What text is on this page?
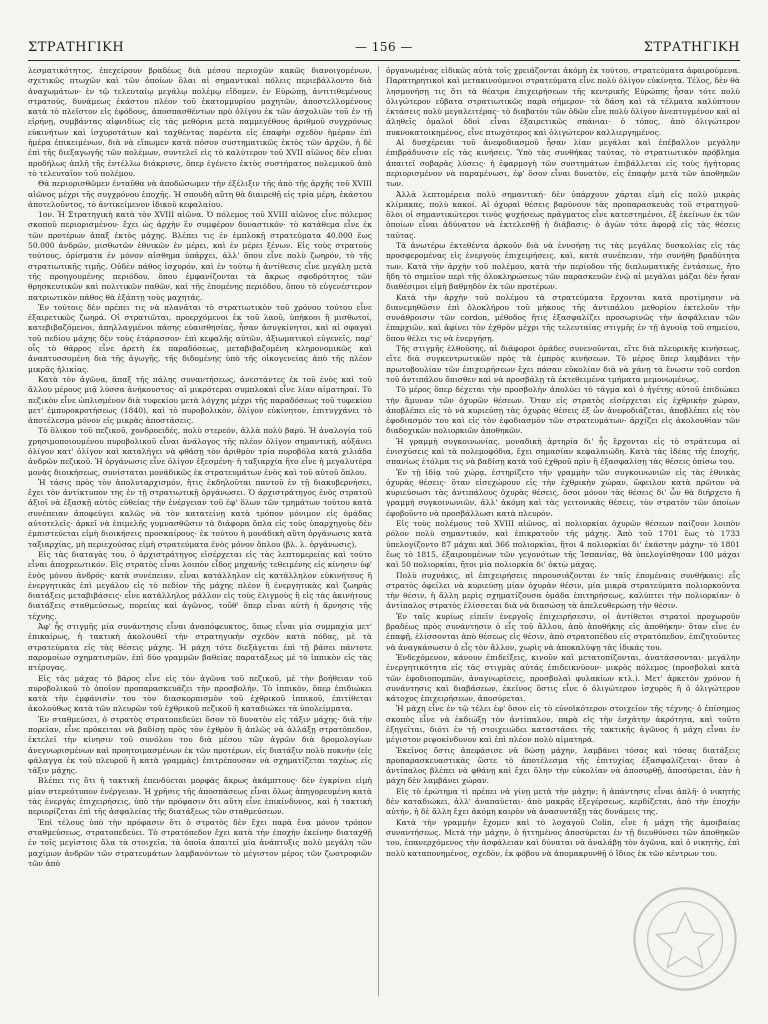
ΣΤΡΑΤΗΓΙΚΗ	— 156 —	ΣΤΡΑΤΗΓΙΚΗ

λεσματικότητος, ἐπεχείρουν βραδέως διὰ μέσου περιοχῶν κακῶς διανοιγομένων, σχετικῶς πτωχῶν καὶ τῶν ὁποίων ὅλαι αἱ σημαντικαὶ πόλεις περιεβάλλοντο διὰ ἀναχωμάτων· ἐν τῷ τελευταίῳ μεγάλῳ πολέμῳ εἴδομεν, ἐν Εὐρώπῃ, ἀντιτιθεμένους στρατούς, δυνάμεως ἑκάστου πλέον τοῦ ἑκατομμυρίου μαχητῶν, ἀποστελλομένους κατὰ τὸ πλεῖστον εἰς ἐφόδους, ἀποσπασθέντων πρὸ ὀλίγου ἐκ τῶν ἀσχολιῶν τοῦ ἐν τῇ εἰρήνῃ, συμβάντας αἱφνιδίως εἰς τὰς μεθόρια μετὰ παμμεγέθους ἀριθμοῦ συγχρόνως εὐκινήτων καὶ ἰσχυροτάτων καὶ ταχθέντας παρέντα εἰς ἐπαφὴν σχεδὸν ἡμέραν ἐπὶ ἡμέρα ἐπικειμένων, διὰ νὰ εἴπωμεν κατὰ πόσον συστηματικῶς ἐκτὸς τῶν ἀρχῶν, ἡ δὲ ἐπὶ τῆς διεξαγωγῆς τῶν πολέμων, συντελεῖ εἰς τὸ καλύτερον τοῦ XVII αἰῶνος δὲν εἶναι προδήλως ἁπλῆ τῆς ἐντέλλω διάκρισις, ὅπερ ἐγένετο ἐκτὸς συστήματος πολεμικοῦ ἀπὸ τὸ τελευταῖον τοῦ πολέμου.

Θὰ περιορισθῶμεν ἐνταῦθα νὰ ἀποδώσωμεν τὴν ἐξέλιξιν τῆς ἀπὸ τῆς ἀρχῆς τοῦ XVIII αἰῶνος μέχρι τῆς συγχρόνου ἐποχῆς. Ἡ σπουδὴ αὕτη θὰ διαιρεθῇ εἰς τρία μέρη, ἑκάστου ἀποτελοῦντος, τὸ ἀντικείμενον ἰδικοῦ κεφαλαίου.

1ον. Ἡ Στρατηγικὴ κατὰ τὸν XVIII αἰῶνα. Ὁ πόλεμος τοῦ XVIII αἰῶνος εἶνε πόλεμος σκοποῦ περιορισμένου· ἔχει ὡς ἀρχὴν ἓν συμφέρον δυναστικόν· τὸ κατάθεμα εἶνε ἐκ τῶν προτέρων ἀπαξ ἐκτὸς μάχης. Βλέπει τις ἐν ἐμπλοκῇ στρατεύματα 40.000 ἕως 50.000 ἀνδρῶν, μισθωτῶν ἐθνικῶν ἐν μέρει, καὶ ἐν μέρει ξένων. Εἰς τοὺς στρατοὺς τούτους, ὀρίσματα ἐν μόνον αἰσθημα ὑπάρχει, ἀλλ' ὅπου εἶνε πολὺ ζωηρόν, τὸ τῆς στρατιωτικῆς τιμῆς. Οὐδὲν πάθος ἰσχυρόν, καὶ ἐν τούτῳ ἡ ἀντίθεσις εἶνε μεγάλη μετὰ τῆς προηγουμένης περιόδου, ὅπου ἐμφανίζονται τὰ ἄκρως σφοδρότητος τῶν θρησκευτικῶν καὶ πολιτικῶν παθῶν, καὶ τῆς ἐπομένης περιόδου, ὅπου τὸ εὐγενέστερον πατριωτικὸν πάθος θὰ ἐξάπτῃ τοὺς μαχητάς.

Ἐν τούτοις δὲν πρέπει τις νὰ πλανᾶται τὸ στρατιωτικὸν τοῦ χρόνου τούτου εἶνε ἐξαιρετικῶς ζωηρά. Οἱ στρατιῶται, προερχόμενοι ἐκ τοῦ λαοῦ, ὑπήκοοι ἢ μισθωτοί, κατεβιβαζόμενοι, ἀπηλλαγμένοι πάσης εὐαισθησίας, ἦσαν ἀσυγκίνητοι, καὶ αἱ σφαγαὶ τοῦ πεδίου μάχης δὲν τοὺς ἐτάρασσον· ἐπὶ κεφαλῆς αὐτῶν, ἀξιωματικοὶ εὐγενεῖς, παρ' οἷς τὸ θάρρος εἶνε ἀρετὴ ἐκ παραδόσεως, μεταβιβαζομένη κληρονομικῶς καὶ ἀναπτυσσομένη διὰ τῆς ἀγωγῆς, τῆς διδομένης ὑπὸ τῆς οἰκογενείας ἀπὸ τῆς πλέον μικρᾶς ἡλικίας.

Κατὰ τὸν ἀγῶνα, ἅπαξ τῆς πάλης συναντήσεως, ἀνεστάντες ἐκ τοῦ ἐνὸς καὶ τοῦ ἄλλου μέρους μιᾷ λύσσα ἀνήκουστος· αἱ μικρότεραι συμπλοκαὶ εἶνε λίαν αἱματηραί. Τὸ πεζικὸν εἶνε ὡπλισμένον διὰ τυφεκίου μετὰ λόγχης μέχρι τῆς παραδόσεως τοῦ τυφεκίου μετ' ἐμπυροκροτήσεως (1840), καὶ τὸ πυροβολικὸν, ὀλίγον εὐκίνητον, ἐπιτυγχάνει τὸ ἀποτέλεσμα μόνον εἰς μικρὰς ἀποστάσεις.

Τὸ ὅλικον τοῦ πεζικοῦ, χονδροειδές, πολὺ στερεόν, ἀλλὰ πολὺ βαρύ. Ἡ ἀναλογία τοῦ χρησιμοποιουμένου πυροβολικοῦ εἶναι ἀνάλογος τῆς πλέον ὀλίγον σημαντική, αὐξάνει ὀλίγον κατ' ὀλίγον καὶ καταλήγει νὰ φθάσῃ τὸν ἀριθμὸν τρία πυροβόλα κατὰ χιλιάδα ἀνδρῶν πεζικοῦ. Ἡ ὀργάνωσις εἶνε ὀλίγον ἐξεσμένη· ἡ ταξιαρχία ἤτο εἶνε ἡ μεγαλυτέρα μονὰς διοικήσεως, συνίσταται μονάδικῶς ἐκ στρατευμάτων ἑνὸς καὶ τοῦ αὐτοῦ ὅπλου.

Ἡ τάσις πρὸς τὸν ἀπολυταρχισμόν, ἥτις ἐκδηλοῦται παντοῦ ἐν τῇ διακυβερνήσει, ἔχει τὸν ἀντίκτυπον της ἐν τῇ στρατιωτικῇ ὀργάνωσει. Ὁ ἀρχιστράτηγος ἑνὸς στρατοῦ ἀξιοῖ νὰ ἐξασκῇ αὐτὸς εὐθείας τὴν ἐνέργειαν τοῦ ἐφ' ὅλων τῶν τμημάτων τούτου κατὰ συνέπειαν ἀποφεύγει καλῶς νὰ τὸν κατατείνῃ κατὰ τρόπον μόνιμον εἰς ὁμάδας αὐτοτελεῖς· ἀρκεῖ νὰ ἐπιμελῆς γυμνασθῶσιν τὰ διάφορα ὅπλα εἰς τοὺς ὑπαρχηγοὺς δὲν ἐμπιστεύεται εἰμὴ διοικήσεις προσκαίρους· ἐκ τούτου ἡ μονάδικὴ αὕτη ὀργάνωσις κατὰ ταξιαρχίας, μὴ περιεχούσας εἰμὴ στρατεύματα ἑνὸς μόνον ὅπλου (βλ. λ. ὀργάνωσις).

Εἰς τὰς διαταγὰς του, ὁ ἀρχιστράτηγος εἰσέρχεται εἰς τὰς λεπτομερείας καὶ τούτο εἶναι ἀποχρεωτικόν. Εἰς στρατὸς εἶναι λοιπὸν εἶδος μηχανῆς τεθειμένης εἰς κίνησιν ὑφ' ἑνὸς μόνου ἀνδρός· κατὰ συνέπειαν, εἶναι κατάλληλον εἰς κατάλληλον εὐκινήτους ἢ ἐνεργητικὰς ἐπὶ μεγάλου εἰς τὸ πεδίον τῆς μάχης πλέον ἢ ἐνεργητικὰς καὶ ζωηρὰς διατάξεις μεταβιβάσεις· εἶνε κατάλληλος μάλλον εἰς τοὺς ἐλιγμοὺς ἢ εἰς τὰς ἀκινήτους διατάξεις σταθμεύσεως, πορείας καὶ ἀγῶνος, τοῦθ' ὅπερ εἶναι αὐτὴ ἡ ἄρνησις τῆς τέχνης.

Ἀφ' ἧς στιγμῆς μία συνάντησις εἶναι ἀναπόφευκτος, ὅπως εἶναι μία συμμαχία μετ' ἐπικαίρως, ἡ τακτικὴ ἀκολουθεῖ τὴν στρατηγικὴν σχεδὸν κατὰ πόδας, μὲ τὰ στρατεύματα εἰς τὰς θέσεις μάχης. Ἡ μάχη τότε διεξάγεται ἐπὶ τῇ βάσει πάντοτε παρομοίων σχηματισμῶν, ἐπὶ δύο γραμμῶν βαθείας παρατάξεως μὲ τὸ ἱππικὸν εἰς τὰς πτέρυγας.

Εἰς τὰς μάχας τὸ βάρος εἶνε εἰς τὸν ἀγῶνα τοῦ πεζικοῦ, μὲ τὴν βοήθειαν τοῦ πυροβολικοῦ τὸ ὁποῖον προπαρασκευάζει τὴν προσβολήν. Τὸ ἱππικὸν, ὅπερ ἐπιδιώκει κατὰ τὴν ἐμφάνισίν του τὸν διασκορπισμὸν τοῦ ἐχθρικοῦ ἱππικοῦ, ἐπιτίθεται ἀκολούθως κατὰ τῶν πλευρῶν τοῦ ἐχθρικοῦ πεζικοῦ ἢ καταδιώκει τὰ ὑπολείμματα.

Ἐν σταθμεύσει, ὁ στρατὸς στρατοπεδεύει ὅσον τὸ δυνατὸν εἰς τάξιν μάχης· διὰ τὴν πορείαν, εἶνε πρόκειται νὰ βαδίσῃ πρὸς τὸν ἐχθρὸν ἢ ἁπλῶς νὰ ἀλλάξῃ στρατόπεδον, ἐκτελεῖ τὴν κίνησιν τοῦ συνόλου του διὰ μέσου τῶν ἀγρῶν διὰ δρομολογίων ἀνεγνωρισμένων καὶ προητοιμασμένων ἐκ τῶν προτέρων, εἰς διατάξιν πολὺ πυκνὴν (εἰς φάλαγγα ἐκ τοῦ πλευροῦ ἢ κατὰ γραμμὰς) ἐπιτρέπουσαν νὰ σχηματίζεται ταχέως εἰς τάξιν μάχης.

Βλέπει τις ὅτι ἡ τακτικὴ ἐπενδύεται μορφὰς ἄκρως ἀκάμπτους· δὲν ἐγκρίνει εἰμὴ μίαν στερεότυπον ἐνέργειαν. Ἡ χρῆσις τῆς ἀποσπάσεως εἶναι ὅλως ἀπηγορευμένη κατὰ τὰς ἐνεργὰς ἐπιχειρήσεις, ὑπὸ τὴν πρόφασιν ὅτι αὕτη εἶνε ἐπικίνδυνος, καὶ ἡ τακτικὴ περιορίζεται ἐπὶ τῆς ἀσφαλείας τῆς διατάξεως τῶν σταθμεύσεων.

Ἐπὶ τέλους ὑπὸ τὴν πρόφασιν ὅτι ὁ στρατὸς δὲν ἔχει παρὰ ἕνα μόνον τρόπον σταθμεύσεως, στρατοπεδεύει. Τὸ στρατόπεδον ἔχει κατὰ τὴν ἐποχὴν ἐκείνην διαταχθῇ ἐν τοῖς μεγίστοις ὅλα τὰ στοιχεῖα, τὰ ὁποῖα ἀπαιτεῖ μία ἀνάπτυξις πολὺ μεγάλη τῶν μαχίμων ἀνδρῶν τῶν στρατευμάτων λαμβανόντων τὸ μέγιστον μέρος τῶν ζωοτροφιῶν τῶν ἀπὸ

ὀργανωμένας εἰδικῶς αὐτὰ τοῖς χρειάζονται ἀκόμη ἐκ τούτου, στρατεύματα ἀφαιρούμενα. Παρατηρητικοὶ καὶ μετακινούμενοι στρατεύματα εἶνε πολὺ ὀλίγον εὐκίνητα. Τέλος, δὲν θὰ λησμονήσῃ τις ὅτι τὰ θέατρα ἐπιχειρήσεων τῆς κεντρικῆς Εὐρώπης ἦσαν τότε πολὺ ὀλιγώτερον εὔβατα στρατιωτικῶς παρὰ σήμερον· τὰ δάση καὶ τὰ τέλματα καλύπτουν ἐκτάσεις πολὺ μεγαλειτέρας· τὸ διαβατὸν τῶν ὁδῶν εἶνε πολὺ ὀλίγον ἀνεπτυγμένον καὶ αἱ ἀληθεῖς ὁμαλοὶ ὁδοὶ εἶναι ἐξαιρετικῶς σπάνιαι· ὁ τόπος, ἀπὸ ὀλιγώτερον πυκνοκατοικημένος, εἶνε πτωχότερος καὶ ὀλιγώτερον καλλιεργημένος.

Αἱ δυσχέρειαι τοῦ ἀνεφοδιασμοῦ ἦσαν λίαν μεγάλαι καὶ ἐπέβαλλον μεγάλην ἐπιβράδυνσιν εἰς τὰς κινήσεις. Ὑπὸ τὰς συνθήκας ταύτας, τὸ στρατιωτικὸν πρόβλημα ἀπαιτεῖ σοβαρὰς λύσεις· ἡ ἐφαρμογὴ τῶν συστημάτων ἐπιβάλλεται εἰς τοὺς ἡγήτορας περιορισμένον νὰ παραμένωσι, ἐφ' ὅσον εἶναι δυνατὸν, εἰς ἐπαφὴν μετὰ τῶν ἀποθηκῶν των.

Ἀλλὰ λεπτομέρεια πολὺ σημαντική· δὲν ὑπάρχουν χάρται εἰμὴ εἰς πολὺ μικρὰς κλίμακας, πολὺ κακοί. Αἱ ὀχυραὶ θέσεις βαρύνουν τὰς προπαρασκευὰς τοῦ στρατηγοῦ· ὅλοι οἱ σημαντικώτεροι τινὸς ψυχήσεως πράγματος εἶνε κατεστημένοι, ἐξ ἐκείνων ἐκ τῶν ὁποίων εἶναι ἀδύνατον νὰ ἐκτελεσθῇ ἡ διάβασις· ὁ ἀγὼν τότε ἀφορᾷ εἰς τὰς θέσεις ταύτας.

Τὰ ἀνωτέρω ἐκτεθέντα ἀρκοῦν διὰ νὰ ἐννοήσῃ τις τὰς μεγάλας δυσκολίας εἰς τὰς προσφερομένας εἰς ἐνεργοὺς ἐπιχειρήσεις, καὶ, κατὰ συνέπειαν, τὴν συνήθη βραδύτητα των. Κατὰ τὴν ἀρχὴν τοῦ πολέμου, κατὰ τὴν περίοδον τῆς διπλωματικῆς ἐντάσεως, ἤτο ἤδη τὸ σημεῖον περὶ τῆς ὁλοκληρώσεως τῶν παρασκευῶν ἐνῷ αἱ μεγάλαι μάζαι δὲν ἦσαν διαθέσιμοι εἰμὴ βαθμηδὸν ἐκ τῶν προτέρων.

Κατὰ τὴν ἀρχὴν τοῦ πολέμου τὰ στρατεύματα ἔρχονται κατὰ προτίμησιν νὰ διανεμηθῶσιν ἐπὶ ὁλοκλήρου τοῦ μήκους τῆς ἀντιπάλου μεθορίου ἐκτελοῦν τὴν συνάθροισιν τῶν cordon, μέθοδος ἥτις ἐξασφαλίζει προσωρινῶς τὴν ἀσφάλειαν τῶν ἐπαρχιῶν, καὶ ἀφίνει τὸν ἐχθρὸν μέχρι τῆς τελευταίας στιγμῆς ἐν τῇ ἀγνοίᾳ τοῦ σημείου, ὅπου θέλει τις νὰ ἐνεργήσῃ.

Τῆς στιγμῆς ἐλθούσης, αἱ διάφοροι ὁμάδες συνενοῦνται, εἴτε διὰ πλευρικῆς κινήσεως, εἴτε διὰ συγκεντρωτικῶν πρὸς τὰ ἐμπρὸς κινήσεων. Τὸ μέρος ὅπερ λαμβάνει τὴν πρωτοβουλίαν τῶν ἐπιχειρήσεων ἔχει πάσαν εὐκολίαν διὰ νὰ χάνῃ τὰ ἔνωσιν τοῦ cordon τοῦ ἀντιπάλου ὄπισθεν καὶ νὰ προσβάλῃ τὰ ἐκτεθειμένα τμήματα μεμονωμένως.

Τὸ μέρος ὅπερ δέχεται τὴν προσβολὴν ἀπολύει τὸ τάγμα καὶ ὁ ἡγέτης αὐτοῦ ἐπιδιώκει τὴν ἄμυναν τῶν ὀχυρῶν θέσεων. Ὅταν εἰς στρατὸς εἰσέρχεται εἰς ἐχθρικὴν χώραν, ἀποβλέπει εἰς τὸ νὰ κυριεύσῃ τὰς ὀχυρὰς θέσεις ἐξ ὧν ἀνεφοδιάζεται, ἀποβλέπει εἰς τὸν ἐφοδιασμόν του καὶ εἰς τὸν ἐφοδιασμὸν τῶν στρατευμάτων· ἀρχίζει εἰς ἀκολουθίαν τῶν διαδοχικῶν πολιορκιῶν ἀποθηκῶν.

Ἡ γραμμὴ συγκοινωνίας, μοναδικὴ ἀρτηρία δι' ἧς ἔρχονται εἰς τὸ στράτευμα αἱ ἐνισχύσεις καὶ τὰ πολεμοφόδια, ἔχει σημασίαν κεφαλαιώδη. Κατὰ τὰς ἰδέας τῆς ἐποχῆς, σπανίως ἐτόλμα τις νὰ βαδίσῃ κατὰ τοῦ ἐχθροῦ πρὶν ἢ ἐξασφαλίσῃ τὰς θέσεις ὀπίσω του.

Ἐν τῇ ἰδίᾳ τοῦ χώρᾳ, ἐστηρίζετο τὴν γραμμὴν τῶν συγκοινωνιῶν εἰς τὰς ἐθνικὰς ὀχυρὰς θέσεις· ὅταν εἰσεχώρουν εἰς τὴν ἐχθρικὴν χώραν, ὤφειλον κατὰ πρῶτον νὰ κυριεύσωσι τὰς ἀντιπάλους ὀχυρὰς θέσεις, ὅσοι μόνον τὰς θέσεις δι' ὧν θὰ διήρχετο ἡ γραμμὴ συγκοινωνιῶν, ἀλλ' ἀκόμη καὶ τὰς γειτονικὰς θέσεις, τὸν στρατὸν τῶν ὁποίων ἐφοβοῦντο νὰ προσβάλλωσι κατὰ πλευρόν.

Εἰς τοὺς πολέμους τοῦ XVIII αἰῶνος, αἱ πολιορκίαι ὀχυρῶν θέσεων παίζουν λοιπὸν ρόλον πολὺ σημαντικόν, καὶ ἐπικρατοῦν τῆς μάχης. Ἀπὸ τοῦ 1701 ἕως τὸ 1733 ὑπελογίζοντο 87 μάχαι καὶ 366 πολιορκίαι, ἤτοι 4 πολιορκίαι δι' ἑκάστην μάχην· τὸ 1801 ἕως τὸ 1815, ἐξαιρουμένων τῶν γεγονότων τῆς Ἱσπανίας, θὰ ὑπελογίσθησαν 100 μάχαι καὶ 50 πολιορκίαι, ἤτοι μία πολιορκία δι' ὀκτὼ μάχας.

Πολὺ συχνάκις, αἱ ἐπιχειρήσεις παρουσιάζονται ἐν ταῖς ἐπομέναις συνθήκαις: εἷς στρατὸς ὀφείλει νὰ κυριεύσῃ μίαν ὀχυρὰν θέσιν, μία μικρὰ στρατεύματα πολιορκοῦντα τὴν θέσιν, ἡ ἄλλη μερὶς σχηματίζουσα ὁμάδα ἐπιτηρήσεως, καλύπτει τὴν πολιορκίαν· ὁ ἀντίπαλος στρατὸς ἐλίσσεται διὰ νὰ διασώσῃ τὰ ἀπελευθερώσῃ τὴν θέσιν.

Ἐν ταῖς κυρίως εἰπεῖν ἐνεργοῖς ἐπιχειρήσεσιν, οἱ ἀντίθετοι στρατοὶ προχωροῦν βραδέως πρὸς συνάντησιν ὁ εἷς τοῦ ἄλλου, ἀπὸ ἀποθήκης εἰς ἀποθήκην· ὅταν εἶνε ἐν ἐπαφῇ, ἐλίσσονται ἀπὸ θέσεως εἰς θέσιν, ἀπὸ στρατοπέδου εἰς στρατόπεδον, ἐπιζητοῦντες νὰ ἀναγκάσωσιν ὁ εἷς τὸν ἄλλον, χωρὶς νὰ ἀποκαλύψῃ τὰς ἰδικάς του.

Ἐνδεχόμενον, κάνουν ἐπιδείξεις, κινοῦν καὶ μετατοπίζονται, ἀνατάσσονται· μεγάλην ἐνεργητικότητα εἰς τὰς στιγμὰς αὐτάς ἐπιδεικνύουν· μικρὸς πόλεμος (προσβολαὶ κατὰ τῶν ἐφοδιοπομπῶν, ἀναγνωρίσεις, προσβολαὶ φυλακίων κτλ.). Μετ' ἀρκετὸν χρόνον ἡ συνάντησις καὶ διαβάσεων, ἐκεῖνος ὅστις εἶνε ὁ ὀλιγώτερον ἰσχυρὸς ἢ ὁ ὀλιγώτερον κάτοχος ἐπιχειρήσεων, ἀποσύρεται.

Ἡ μάχη εἶνε ἐν τῷ τέλει ἐφ' ὅσον εἰς τὸ εὐνοϊκότερον στοιχεῖον τῆς τέχνης· ὁ ἐπίσημος σκοπὸς εἶνε νὰ ἐκδιώξῃ τὸν ἀντίπαλον, παρὰ εἰς τὴν ἐσχάτην ἀκρότητα, καὶ τοῦτο ἐξηγεῖται, διότι ἐν τῇ στοιχειώδει καταστάσει τῆς τακτικῆς ἀγῶνος ἡ μάχη εἶναι ἐν μέγιστον ριψοκίνδυνον καὶ ἐπὶ πλέον πολὺ αἱματηρά.

Ἐκεῖνος ὅστις ἀπεφάσισε νὰ δώσῃ μάχην, λαμβάνει τόσας καὶ τόσας διατάξεις προπαρασκευαστικὰς ὥστε τὸ ἀποτέλεσμα τῆς ἐπιτυχίας ἐξασφαλίζεται· ὅταν ὁ ἀντίπαλος βλέπει νὰ φθάνῃ καὶ ἔχει ὅλην τὴν εὐκολίαν νὰ ἀποσυρθῇ, ἀποσύρεται, ἐὰν ἡ μάχη δὲν λαμβάνει χώραν.

Εἰς τὸ ἐρώτημα τὶ πρέπει νὰ γίνῃ μετὰ τὴν μάχην; ἡ ἀπάντησις εἶναι ἁπλῆ· ὁ νικητὴς δὲν καταδιώκει, ἀλλ' ἀναπαύεται· ἀπὸ μακρᾶς ἐξεγέρσεως, κερδίζεται, ἀπὸ τὴν ἐποχὴν αὐτήν, ἡ δὲ ἄλλη ἔχει ἀκόμη καιρὸν νὰ ἀνασυντάξῃ τὰς δυνάμεις της.

Κατὰ τὴν γραμμὴν ἔχομεν καὶ τὸ λοχαγοῦ Colin, εἶνε ἡ μάχη τῆς ἀμοιβαίας συναντήσεως. Μετὰ τὴν μάχην, ὁ ἡττημένος ἀποσύρεται ἐν τῇ διευθύνσει τῶν ἀποθηκῶν του, ἐπανερχόμενος τὴν ἀσφάλειαν καὶ δύναται νὰ ἀναλάβῃ τὸν ἀγῶνα, καὶ ὁ νικητὴς, ἐπὶ πολὺ καταπονημένος, σχεδὸν, ἐκ φόβου νὰ ἀπομακρυνθῇ ὁ ἴδιος ἐκ τῶν κέντρων του.
